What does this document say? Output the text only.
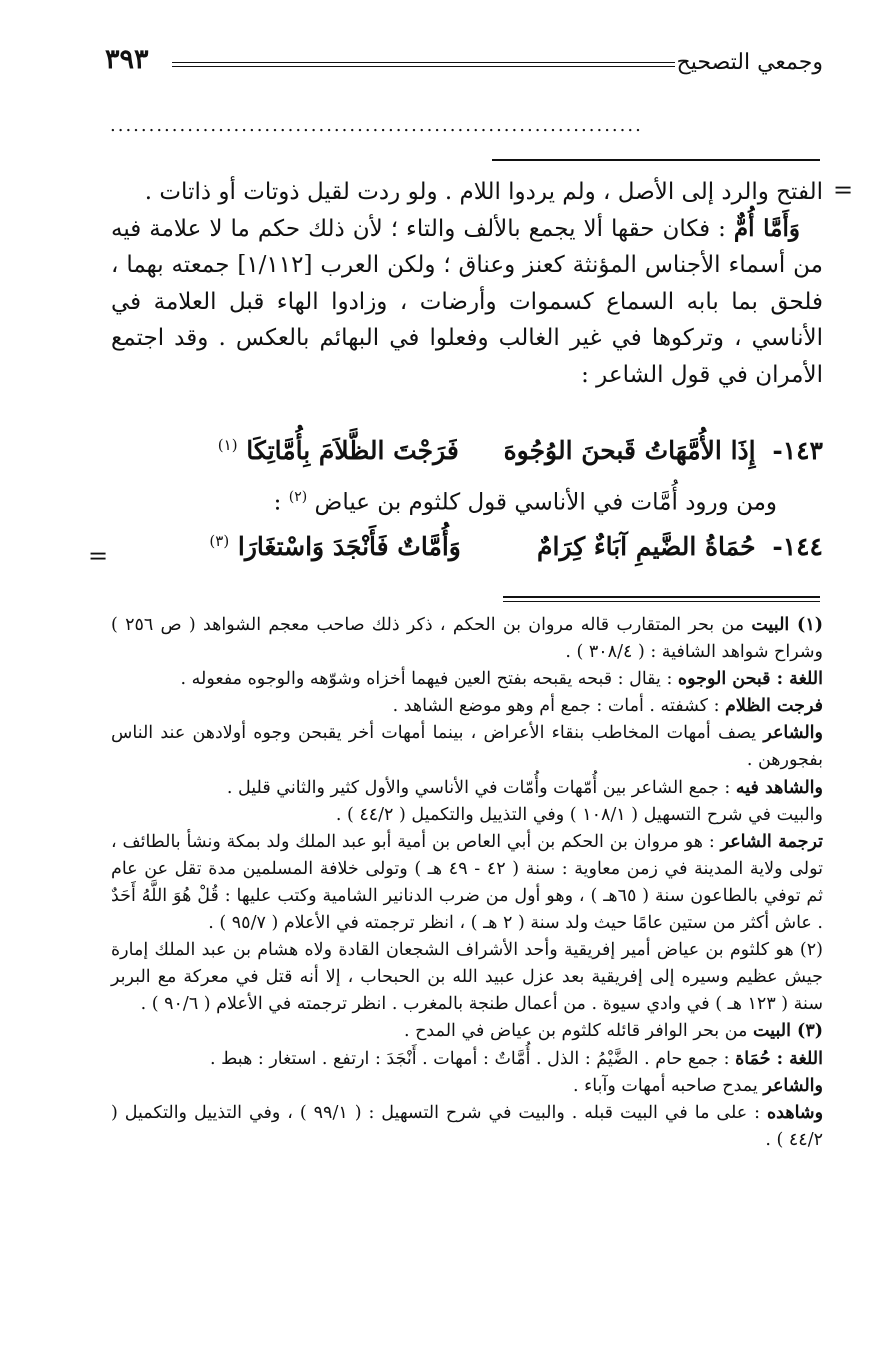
٣٩٣	وجمعي التصحيح
.....................................................................
=

الفتح والرد إلى الأصل ، ولم يردوا اللام . ولو ردت لقيل ذوتات أو ذاتات .

 وَأَمَّا أُمٌّ : فكان حقها ألا يجمع بالألف والتاء ؛ لأن ذلك حكم ما لا علامة فيه من أسماء الأجناس المؤنثة كعنز وعناق ؛ ولكن العرب [١/١١٢] جمعته بهما ، فلحق بما بابه السماع كسموات وأرضات ، وزادوا الهاء قبل العلامة في الأناسي ، وتركوها في غير الغالب وفعلوا في البهائم بالعكس . وقد اجتمع الأمران في قول الشاعر :

١٤٣- إِذَا الأُمَّهَاتُ قَبحنَ الوُجُوهَ فَرَجْتَ الظَّلاَمَ بِأُمَّاتِكَا $^{(١)}$
  ومن ورود أُمَّات في الأناسي قول كلثوم بن عياض $^{(٢)}$ :
١٤٤- حُمَاةُ الضَّيمِ آبَاءٌ كِرَامٌ وَأُمَّاتٌ فَأَنْجَدَ وَاسْتغَارَا $^{(٣)}$
=

(١) البيت من بحر المتقارب قاله مروان بن الحكم ، ذكر ذلك صاحب معجم الشواهد ( ص ٢٥٦ ) وشراح شواهد الشافية : ( ٣٠٨/٤ ) .

اللغة : قبحن الوجوه : يقال : قبحه يقبحه بفتح العين فيهما أخزاه وشوّهه والوجوه مفعوله .

فرجت الظلام : كشفته . أمات : جمع أم وهو موضع الشاهد .

والشاعر يصف أمهات المخاطب بنقاء الأعراض ، بينما أمهات أخر يقبحن وجوه أولادهن عند الناس بفجورهن .

والشاهد فيه : جمع الشاعر بين أُمّهات وأُمّات في الأناسي والأول كثير والثاني قليل .

والبيت في شرح التسهيل ( ١٠٨/١ ) وفي التذييل والتكميل ( ٤٤/٢ ) .

ترجمة الشاعر : هو مروان بن الحكم بن أبي العاص بن أمية أبو عبد الملك ولد بمكة ونشأ بالطائف ، تولى ولاية المدينة في زمن معاوية : سنة ( ٤٢ - ٤٩ هـ ) وتولى خلافة المسلمين مدة تقل عن عام ثم توفي بالطاعون سنة ( ٦٥هـ ) ، وهو أول من ضرب الدنانير الشامية وكتب عليها : قُلْ هُوَ اللَّهُ أَحَدٌ . عاش أكثر من ستين عامًا حيث ولد سنة ( ٢ هـ ) ، انظر ترجمته في الأعلام ( ٩٥/٧ ) .

(٢) هو كلثوم بن عياض أمير إفريقية وأحد الأشراف الشجعان القادة ولاه هشام بن عبد الملك إمارة جيش عظيم وسيره إلى إفريقية بعد عزل عبيد الله بن الحبحاب ، إلا أنه قتل في معركة مع البربر سنة ( ١٢٣ هـ ) في وادي سيوة . من أعمال طنجة بالمغرب . انظر ترجمته في الأعلام ( ٩٠/٦ ) .

(٣) البيت من بحر الوافر قائله كلثوم بن عياض في المدح .

اللغة : حُمَاة : جمع حام . الضَّيْمُ : الذل . أُمَّاتٌ : أمهات . أَنْجَدَ : ارتفع . استغار : هبط .

والشاعر يمدح صاحبه أمهات وآباء .

وشاهده : على ما في البيت قبله . والبيت في شرح التسهيل : ( ٩٩/١ ) ، وفي التذييل والتكميل ( ٤٤/٢ ) .
